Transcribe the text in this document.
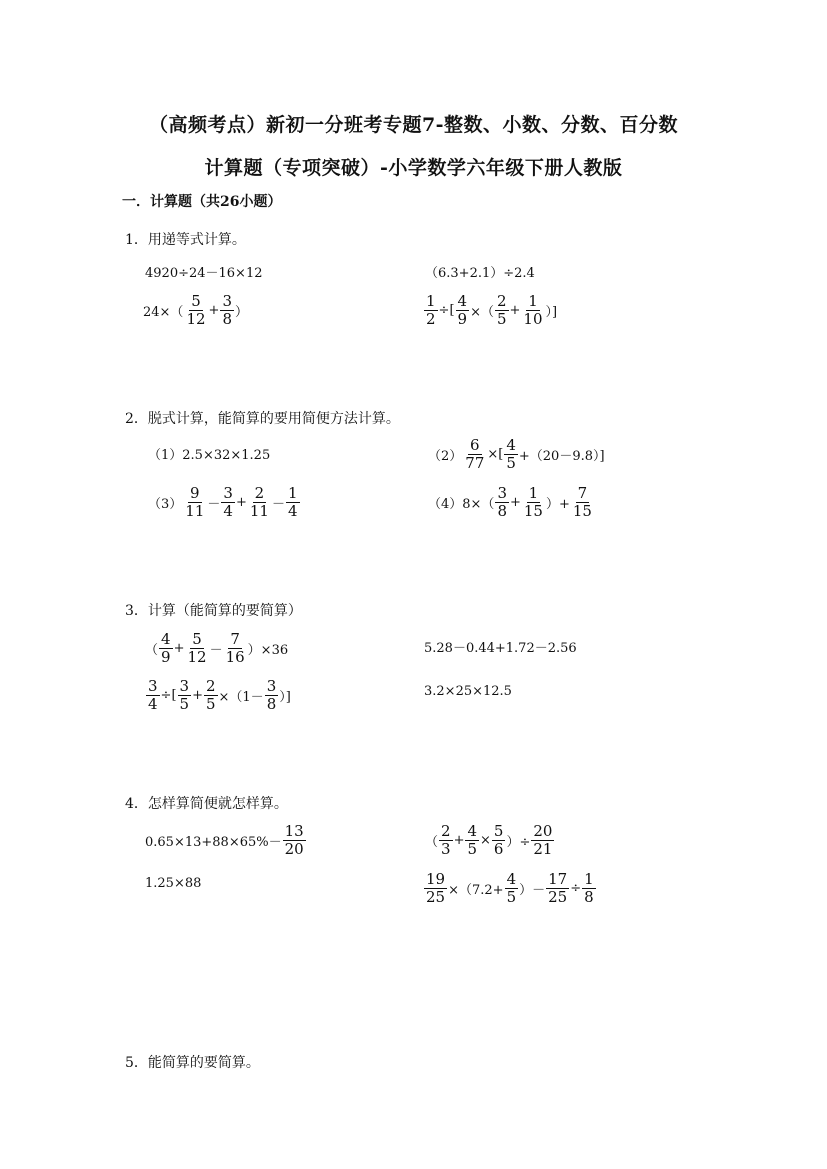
（高频考点）新初一分班考专题7-整数、小数、分数、百分数
计算题（专项突破）-小学数学六年级下册人教版
一．计算题（共26小题）
1．用递等式计算。
4920÷24－16×12	（6.3+2.1）÷2.4
$24\times( \frac{5}{12} + \frac{3}{8}$ ）	$\frac{1}{2}$ ÷[ $\frac{4}{9}$ ×（ $\frac{2}{5} + \frac{1}{10}$ ）]
2．脱式计算，能简算的要用简便方法计算。
（1）2.5×32×1.25	$(2) \frac{6}{77}$ ×[ $\frac{4}{5} +(20-9.8)$]
$(3) \frac{9}{11} - \frac{3}{4} + \frac{2}{11} - \frac{1}{4}$	$(4)8\times( \frac{3}{8} + \frac{1}{15}$ ）+ $\frac{7}{15}$
3．计算（能简算的要简算）
（ $\frac{4}{9} + \frac{5}{12} - \frac{7}{16} )\times 36$	5.28－0.44+1.72－2.56
$\frac{3}{4}$ ÷[ $\frac{3}{5} + \frac{2}{5} \times(1- \frac{3}{8}$ ）]	3.2×25×12.5
4．怎样算简便就怎样算。
$0.65\times 13+88\times 65\%- \frac{13}{20}$	（ $\frac{2}{3} + \frac{4}{5} \times \frac{5}{6}$ ）÷ $\frac{20}{21}$
1.25×88	$\frac{19}{25} \times(7.2+ \frac{4}{5}$ ）－ $\frac{17}{25} \div \frac{1}{8}$
5．能简算的要简算。
